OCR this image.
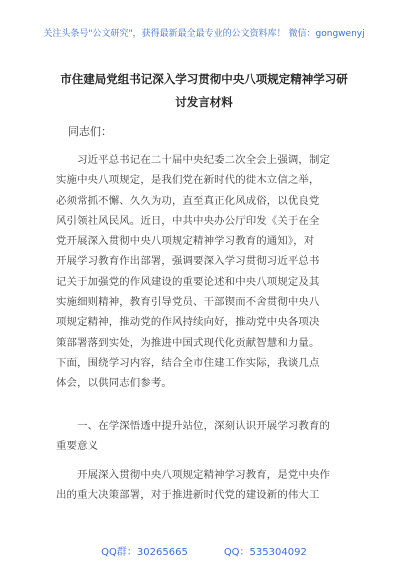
关注头条号"公文研究"，获得最新最全最专业的公文资料库！ 微信：gongwenyj
市住建局党组书记深入学习贯彻中央八项规定精神学习研
讨发言材料
同志们：
　　习近平总书记在二十届中央纪委二次全会上强调，制定
实施中央八项规定，是我们党在新时代的徙木立信之举，
必须常抓不懈、久久为功，直至真正化风成俗，以优良党
风引领社风民风。近日，中共中央办公厅印发《关于在全
党开展深入贯彻中央八项规定精神学习教育的通知》，对
开展学习教育作出部署，强调要深入学习贯彻习近平总书
记关于加强党的作风建设的重要论述和中央八项规定及其
实施细则精神，教育引导党员、干部锲而不舍贯彻中央八
项规定精神，推动党的作风持续向好，推动党中央各项决
策部署落到实处，为推进中国式现代化贡献智慧和力量。
下面，围绕学习内容，结合全市住建工作实际，我谈几点
体会，以供同志们参考。
　　一、在学深悟透中提升站位，深刻认识开展学习教育的
重要意义
　　开展深入贯彻中央八项规定精神学习教育，是党中央作
出的重大决策部署，对于推进新时代党的建设新的伟大工
QQ群：30265665	QQ：535304092
